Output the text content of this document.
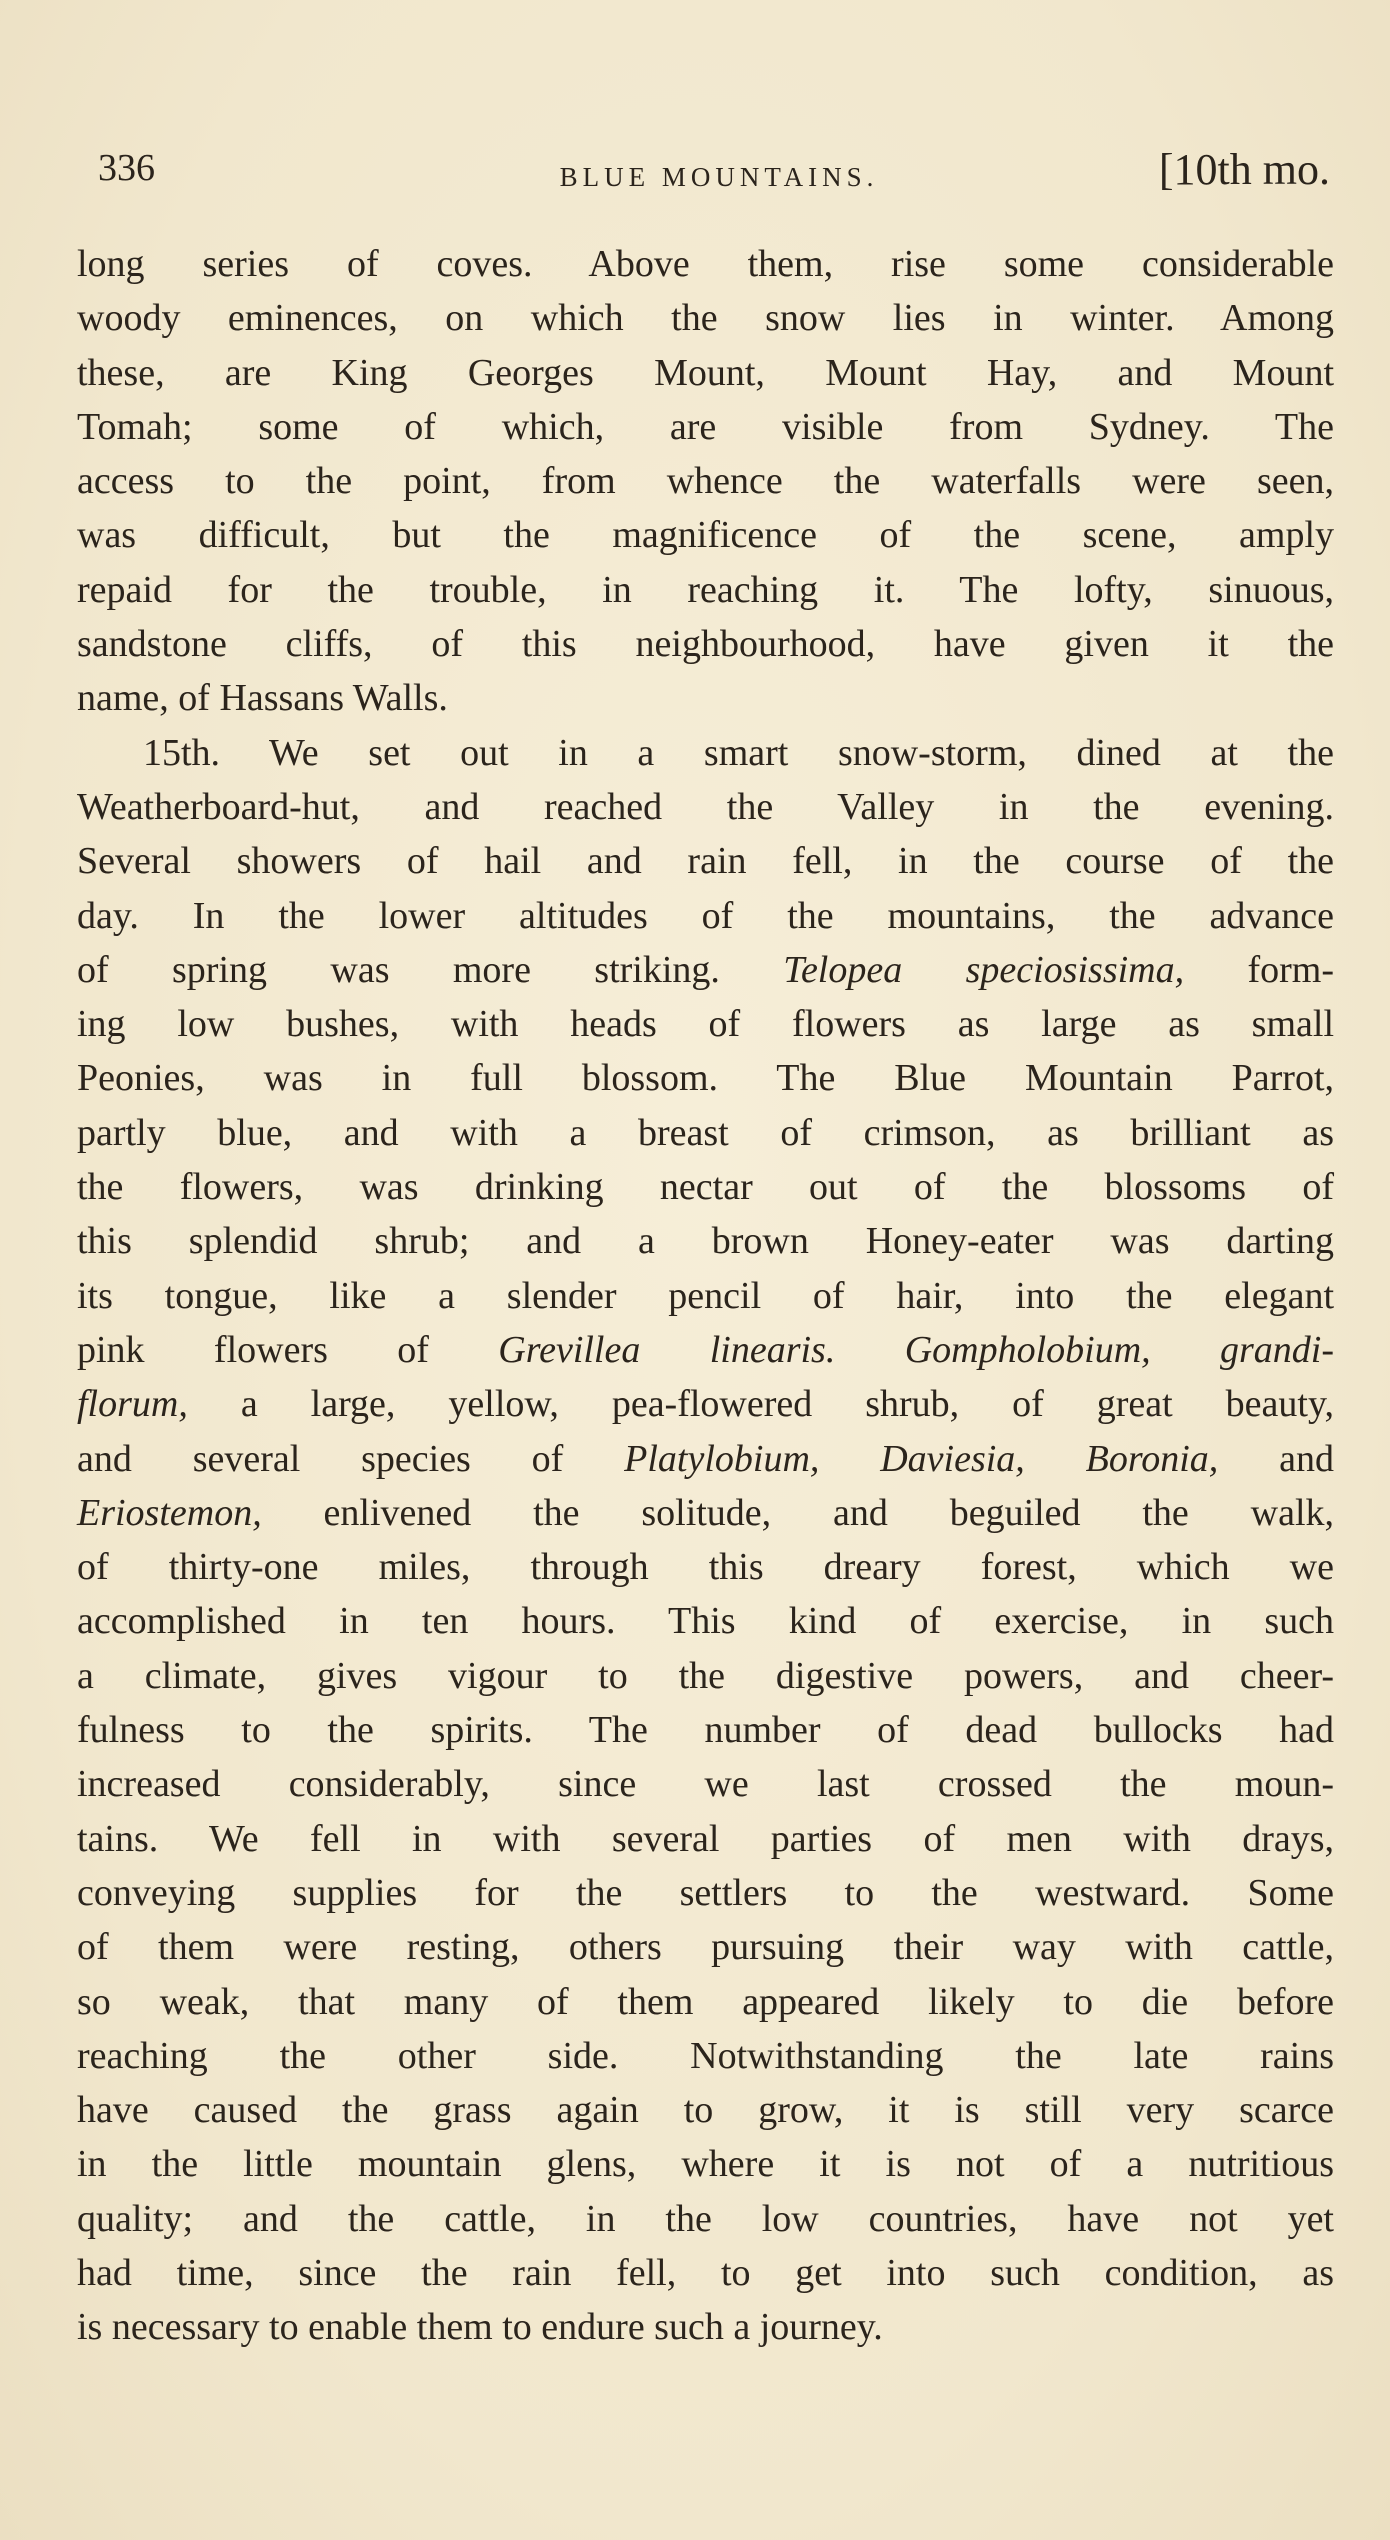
336	BLUE MOUNTAINS.	[10th mo.
long series of coves. Above them, rise some considerable
woody eminences, on which the snow lies in winter. Among
these, are King Georges Mount, Mount Hay, and Mount
Tomah; some of which, are visible from Sydney. The
access to the point, from whence the waterfalls were seen,
was difficult, but the magnificence of the scene, amply
repaid for the trouble, in reaching it. The lofty, sinuous,
sandstone cliffs, of this neighbourhood, have given it the
name, of Hassans Walls.
15th. We set out in a smart snow-storm, dined at the
Weatherboard-hut, and reached the Valley in the evening.
Several showers of hail and rain fell, in the course of the
day. In the lower altitudes of the mountains, the advance
of spring was more striking. Telopea speciosissima, form-
ing low bushes, with heads of flowers as large as small
Peonies, was in full blossom. The Blue Mountain Parrot,
partly blue, and with a breast of crimson, as brilliant as
the flowers, was drinking nectar out of the blossoms of
this splendid shrub; and a brown Honey-eater was darting
its tongue, like a slender pencil of hair, into the elegant
pink flowers of Grevillea linearis. Gompholobium, grandi-
florum, a large, yellow, pea-flowered shrub, of great beauty,
and several species of Platylobium, Daviesia, Boronia, and
Eriostemon, enlivened the solitude, and beguiled the walk,
of thirty-one miles, through this dreary forest, which we
accomplished in ten hours. This kind of exercise, in such
a climate, gives vigour to the digestive powers, and cheer-
fulness to the spirits. The number of dead bullocks had
increased considerably, since we last crossed the moun-
tains. We fell in with several parties of men with drays,
conveying supplies for the settlers to the westward. Some
of them were resting, others pursuing their way with cattle,
so weak, that many of them appeared likely to die before
reaching the other side. Notwithstanding the late rains
have caused the grass again to grow, it is still very scarce
in the little mountain glens, where it is not of a nutritious
quality; and the cattle, in the low countries, have not yet
had time, since the rain fell, to get into such condition, as
is necessary to enable them to endure such a journey.
